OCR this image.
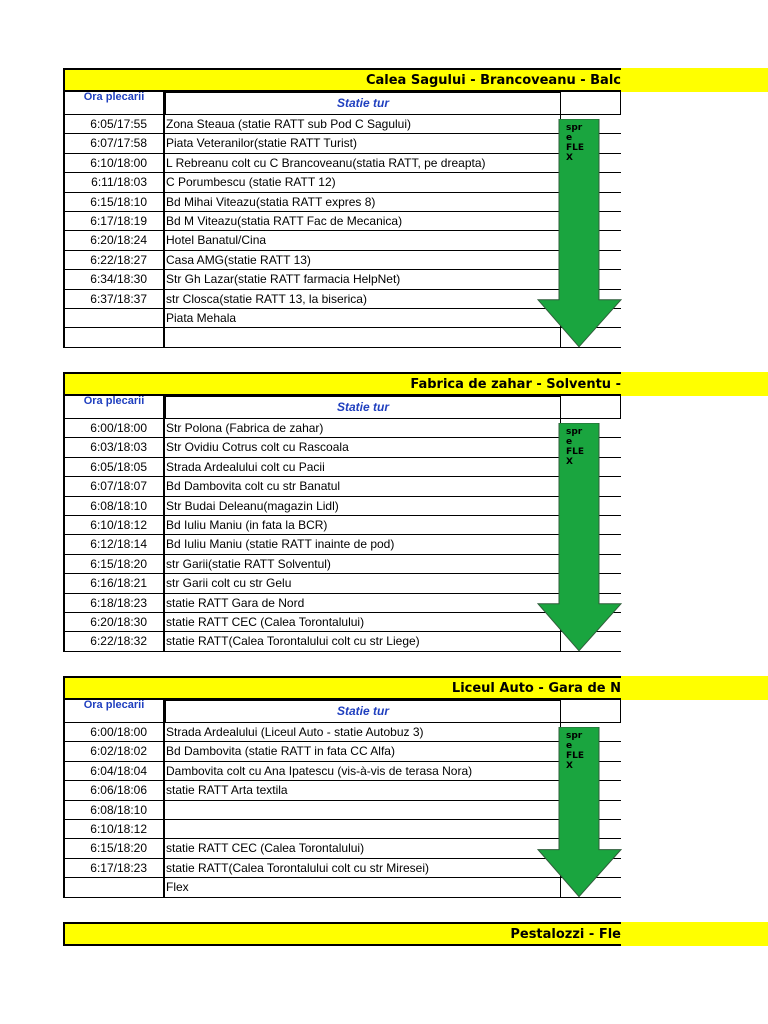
Calea Sagului - Brancoveanu - Balc
Ora plecarii	Statie tur
6:05/17:55	Zona Steaua (statie RATT sub Pod C Sagului)
6:07/17:58	Piata Veteranilor(statie RATT Turist)
6:10/18:00	L Rebreanu colt cu C Brancoveanu(statia RATT, pe dreapta)
6:11/18:03	C Porumbescu (statie RATT 12)
6:15/18:10	Bd Mihai Viteazu(statia RATT expres 8)
6:17/18:19	Bd M Viteazu(statia RATT Fac de Mecanica)
6:20/18:24	Hotel Banatul/Cina
6:22/18:27	Casa AMG(statie RATT 13)
6:34/18:30	Str Gh Lazar(statie RATT farmacia HelpNet)
6:37/18:37	str Closca(statie RATT 13, la biserica)
Piata Mehala
spr
e
FLE
X
Fabrica de zahar - Solventu -
Ora plecarii	Statie tur
6:00/18:00	Str Polona (Fabrica de zahar)
6:03/18:03	Str Ovidiu Cotrus colt cu Rascoala
6:05/18:05	Strada Ardealului colt cu Pacii
6:07/18:07	Bd Dambovita colt cu str Banatul
6:08/18:10	Str Budai Deleanu(magazin Lidl)
6:10/18:12	Bd Iuliu Maniu (in fata la BCR)
6:12/18:14	Bd Iuliu Maniu (statie RATT inainte de pod)
6:15/18:20	str Garii(statie RATT Solventul)
6:16/18:21	str Garii colt cu str Gelu
6:18/18:23	statie RATT Gara de Nord
6:20/18:30	statie RATT CEC (Calea Torontalului)
6:22/18:32	statie RATT(Calea Torontalului colt cu str Liege)
spr
e
FLE
X
Liceul Auto - Gara de N
Ora plecarii	Statie tur
6:00/18:00	Strada Ardealului (Liceul Auto - statie Autobuz 3)
6:02/18:02	Bd Dambovita (statie RATT in fata CC Alfa)
6:04/18:04	Dambovita colt cu Ana Ipatescu (vis-à-vis de terasa Nora)
6:06/18:06	statie RATT Arta textila
6:08/18:10
6:10/18:12
6:15/18:20	statie RATT CEC (Calea Torontalului)
6:17/18:23	statie RATT(Calea Torontalului colt cu str Miresei)
Flex
spr
e
FLE
X
Pestalozzi - Fle
